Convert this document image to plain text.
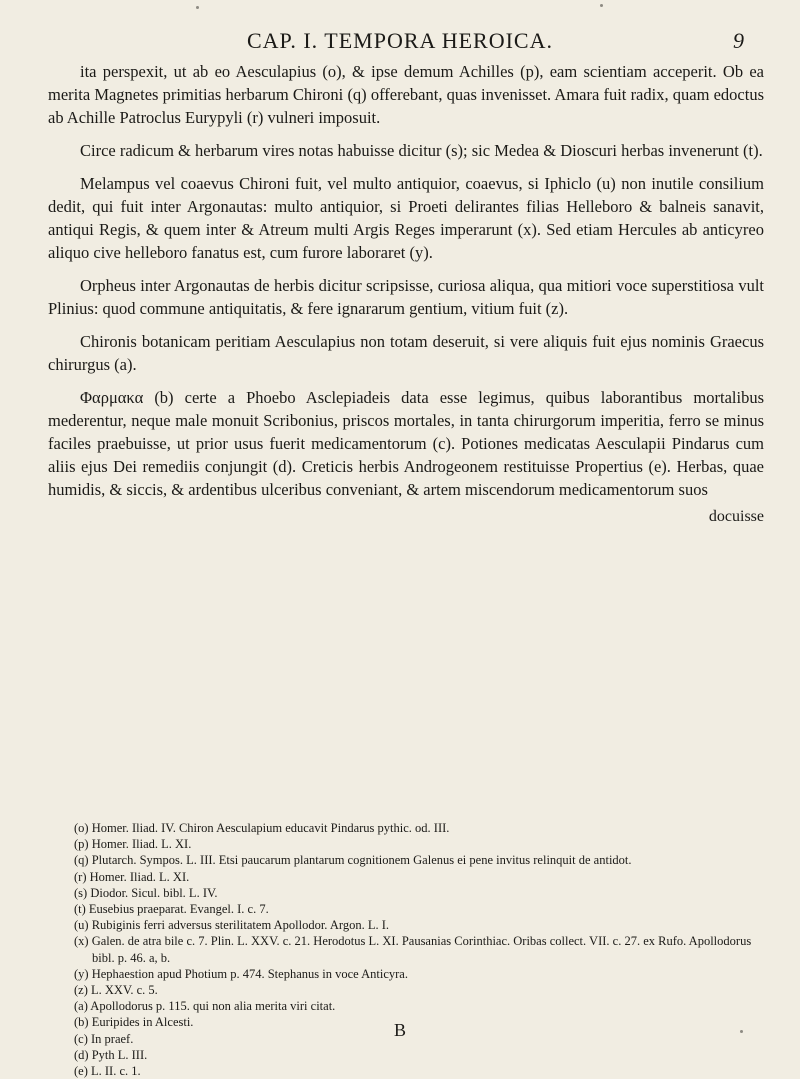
CAP. I. TEMPORA HEROICA.	9

ita perspexit, ut ab eo Aesculapius (o), & ipse demum Achilles (p), eam scientiam acceperit. Ob ea merita Magnetes primitias herbarum Chironi (q) offerebant, quas invenisset. Amara fuit radix, quam edoctus ab Achille Patroclus Eurypyli (r) vulneri imposuit.

Circe radicum & herbarum vires notas habuisse dicitur (s); sic Medea & Dioscuri herbas invenerunt (t).

Melampus vel coaevus Chironi fuit, vel multo antiquior, coaevus, si Iphiclo (u) non inutile consilium dedit, qui fuit inter Argonautas: multo antiquior, si Proeti delirantes filias Helleboro & balneis sanavit, antiqui Regis, & quem inter & Atreum multi Argis Reges imperarunt (x). Sed etiam Hercules ab anticyreo aliquo cive helleboro fanatus est, cum furore laboraret (y).

Orpheus inter Argonautas de herbis dicitur scripsisse, curiosa aliqua, qua mitiori voce superstitiosa vult Plinius: quod commune antiquitatis, & fere ignararum gentium, vitium fuit (z).

Chironis botanicam peritiam Aesculapius non totam deseruit, si vere aliquis fuit ejus nominis Graecus chirurgus (a).

Φαρμακα (b) certe a Phoebo Asclepiadeis data esse legimus, quibus laborantibus mortalibus mederentur, neque male monuit Scribonius, priscos mortales, in tanta chirurgorum imperitia, ferro se minus faciles praebuisse, ut prior usus fuerit medicamentorum (c). Potiones medicatas Aesculapii Pindarus cum aliis ejus Dei remediis conjungit (d). Creticis herbis Androgeonem restituisse Propertius (e). Herbas, quae humidis, & siccis, & ardentibus ulceribus conveniant, & artem miscendorum medicamentorum suos

docuisse

(o) Homer. Iliad. IV. Chiron Aesculapium educavit Pindarus pythic. od. III.

(p) Homer. Iliad. L. XI.

(q) Plutarch. Sympos. L. III. Etsi paucarum plantarum cognitionem Galenus ei pene invitus relinquit de antidot.

(r) Homer. Iliad. L. XI.

(s) Diodor. Sicul. bibl. L. IV.

(t) Eusebius praeparat. Evangel. I. c. 7.

(u) Rubiginis ferri adversus sterilitatem Apollodor. Argon. L. I.

(x) Galen. de atra bile c. 7. Plin. L. XXV. c. 21. Herodotus L. XI. Pausanias Corinthiac. Oribas collect. VII. c. 27. ex Rufo. Apollodorus bibl. p. 46. a, b.

(y) Hephaestion apud Photium p. 474. Stephanus in voce Anticyra.

(z) L. XXV. c. 5.

(a) Apollodorus p. 115. qui non alia merita viri citat.

(b) Euripides in Alcesti.

(c) In praef.

(d) Pyth L. III.

(e) L. II. c. 1.

B
